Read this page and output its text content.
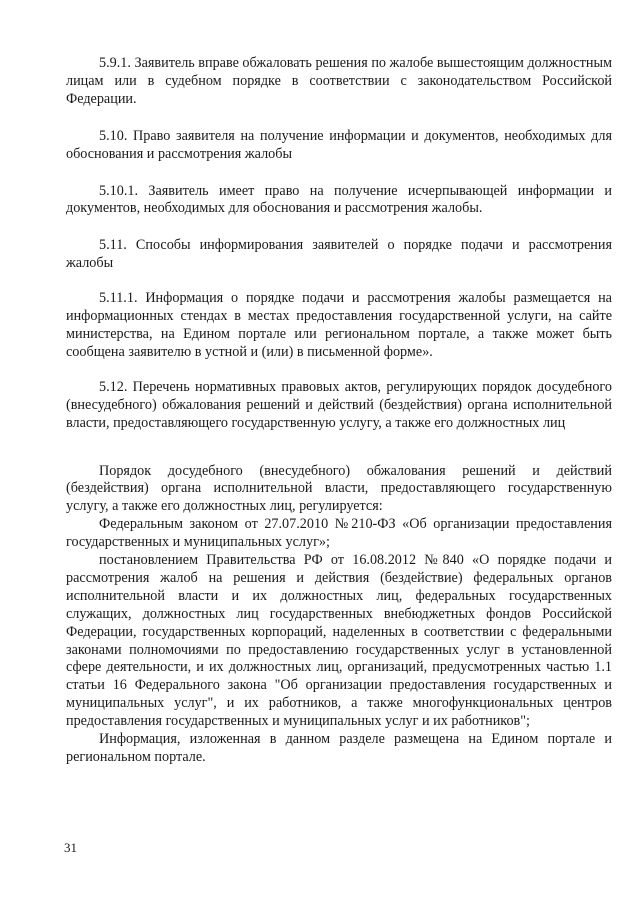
5.9.1. Заявитель вправе обжаловать решения по жалобе вышестоящим должностным лицам или в судебном порядке в соответствии с законодательством Российской Федерации.

5.10. Право заявителя на получение информации и документов, необходимых для обоснования и рассмотрения жалобы

5.10.1. Заявитель имеет право на получение исчерпывающей информации и документов, необходимых для обоснования и рассмотрения жалобы.

5.11. Способы информирования заявителей о порядке подачи и рассмотрения жалобы

5.11.1. Информация о порядке подачи и рассмотрения жалобы размещается на информационных стендах в местах предоставления государственной услуги, на сайте министерства, на Едином портале или региональном портале, а также может быть сообщена заявителю в устной и (или) в письменной форме».

5.12. Перечень нормативных правовых актов, регулирующих порядок досудебного (внесудебного) обжалования решений и действий (бездействия) органа исполнительной власти, предоставляющего государственную услугу, а также его должностных лиц

Порядок досудебного (внесудебного) обжалования решений и действий (бездействия) органа исполнительной власти, предоставляющего государственную услугу, а также его должностных лиц, регулируется:

Федеральным законом от 27.07.2010 №210-ФЗ «Об организации предоставления государственных и муниципальных услуг»;

постановлением Правительства РФ от 16.08.2012 №840 «О порядке подачи и рассмотрения жалоб на решения и действия (бездействие) федеральных органов исполнительной власти и их должностных лиц, федеральных государственных служащих, должностных лиц государственных внебюджетных фондов Российской Федерации, государственных корпораций, наделенных в соответствии с федеральными законами полномочиями по предоставлению государственных услуг в установленной сфере деятельности, и их должностных лиц, организаций, предусмотренных частью 1.1 статьи 16 Федерального закона "Об организации предоставления государственных и муниципальных услуг", и их работников, а также многофункциональных центров предоставления государственных и муниципальных услуг и их работников";

Информация, изложенная в данном разделе размещена на Едином портале и региональном портале.

31
